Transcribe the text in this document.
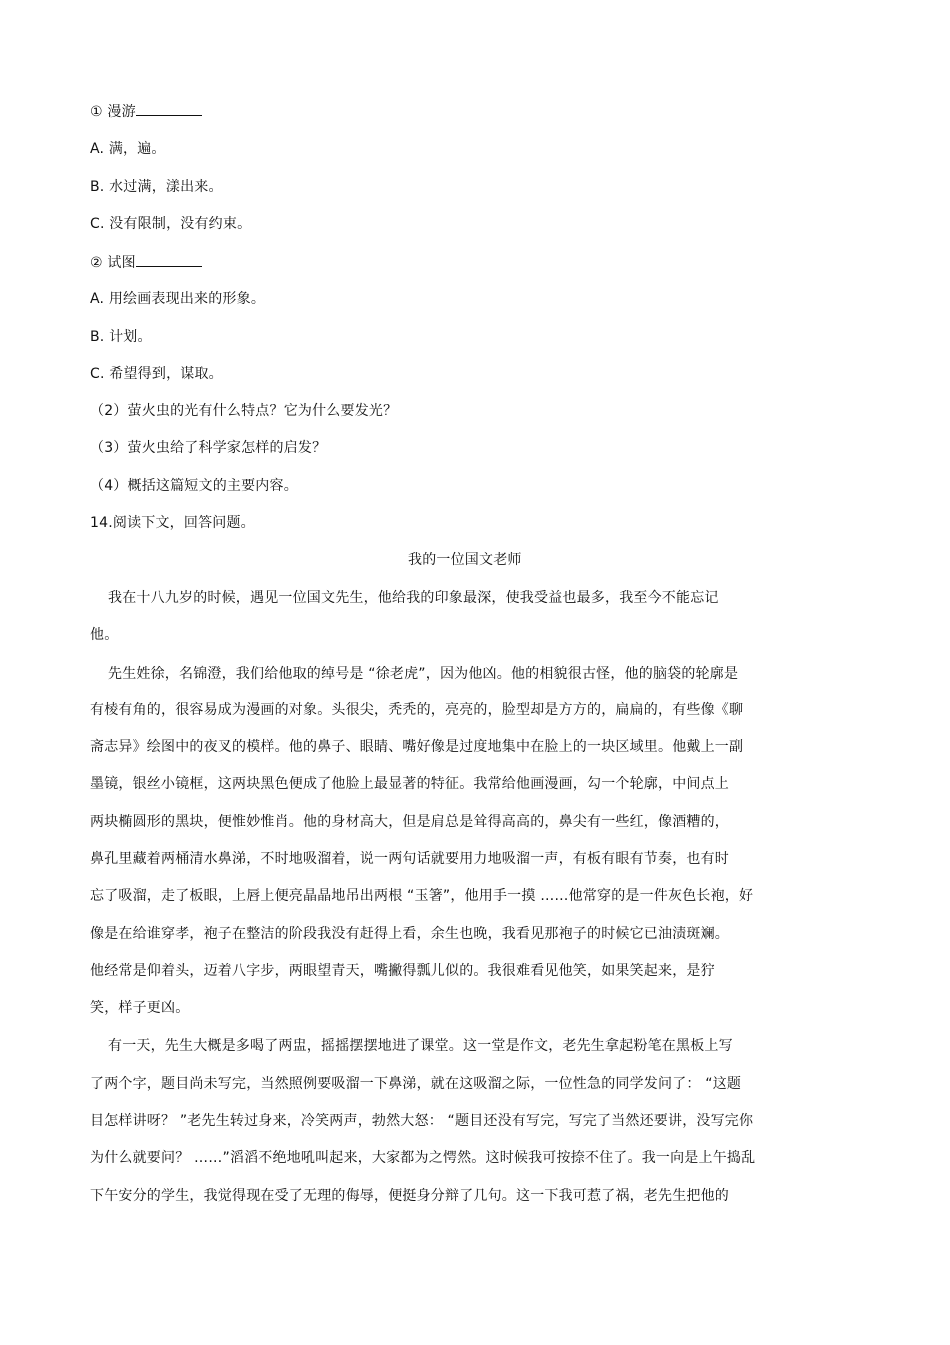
① 漫游
A. 满，遍。
B. 水过满，漾出来。
C. 没有限制，没有约束。
② 试图
A. 用绘画表现出来的形象。
B. 计划。
C. 希望得到，谋取。
（2）萤火虫的光有什么特点？它为什么要发光？
（3）萤火虫给了科学家怎样的启发？
（4）概括这篇短文的主要内容。
14.阅读下文，回答问题。
我的一位国文老师
我在十八九岁的时候，遇见一位国文先生，他给我的印象最深，使我受益也最多，我至今不能忘记
他。
先生姓徐，名锦澄，我们给他取的绰号是 “徐老虎”，因为他凶。他的相貌很古怪，他的脑袋的轮廓是
有棱有角的，很容易成为漫画的对象。头很尖，秃秃的，亮亮的，脸型却是方方的，扁扁的，有些像《聊
斋志异》绘图中的夜叉的模样。他的鼻子、眼睛、嘴好像是过度地集中在脸上的一块区域里。他戴上一副
墨镜，银丝小镜框，这两块黑色便成了他脸上最显著的特征。我常给他画漫画，勾一个轮廓，中间点上
两块椭圆形的黑块，便惟妙惟肖。他的身材高大，但是肩总是耸得高高的，鼻尖有一些红，像酒糟的，
鼻孔里藏着两桶清水鼻涕，不时地吸溜着，说一两句话就要用力地吸溜一声，有板有眼有节奏，也有时
忘了吸溜，走了板眼，上唇上便亮晶晶地吊出两根 “玉箸”，他用手一摸 ……他常穿的是一件灰色长袍，好
像是在给谁穿孝，袍子在整洁的阶段我没有赶得上看，余生也晚，我看见那袍子的时候它已油渍斑斓。
他经常是仰着头，迈着八字步，两眼望青天，嘴撇得瓢儿似的。我很难看见他笑，如果笑起来，是狞
笑，样子更凶。
有一天，先生大概是多喝了两盅，摇摇摆摆地进了课堂。这一堂是作文，老先生拿起粉笔在黑板上写
了两个字，题目尚未写完，当然照例要吸溜一下鼻涕，就在这吸溜之际，一位性急的同学发问了： “这题
目怎样讲呀？ ”老先生转过身来，冷笑两声，勃然大怒： “题目还没有写完，写完了当然还要讲，没写完你
为什么就要问？ ……”滔滔不绝地吼叫起来，大家都为之愕然。这时候我可按捺不住了。我一向是上午捣乱
下午安分的学生，我觉得现在受了无理的侮辱，便挺身分辩了几句。这一下我可惹了祸，老先生把他的
